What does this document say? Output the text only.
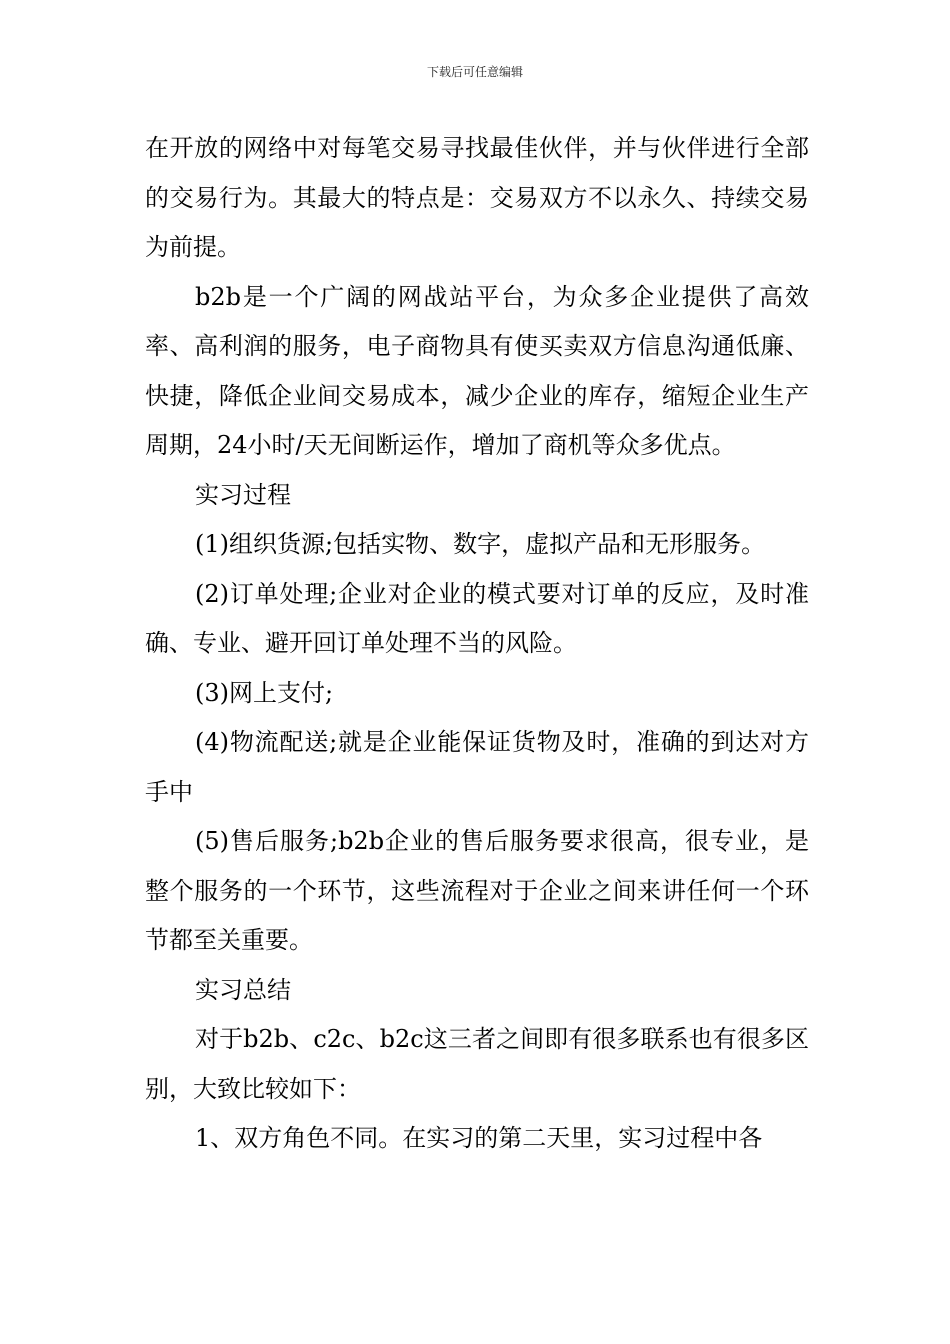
下载后可任意编辑

在开放的网络中对每笔交易寻找最佳伙伴，并与伙伴进行全部的交易行为。其最大的特点是：交易双方不以永久、持续交易为前提。

b2b是一个广阔的网战站平台，为众多企业提供了高效率、高利润的服务，电子商物具有使买卖双方信息沟通低廉、快捷，降低企业间交易成本，减少企业的库存，缩短企业生产周期，24小时/天无间断运作，增加了商机等众多优点。

实习过程

(1)组织货源;包括实物、数字，虚拟产品和无形服务。

(2)订单处理;企业对企业的模式要对订单的反应，及时准确、专业、避开回订单处理不当的风险。

(3)网上支付;

(4)物流配送;就是企业能保证货物及时，准确的到达对方手中

(5)售后服务;b2b企业的售后服务要求很高，很专业，是整个服务的一个环节，这些流程对于企业之间来讲任何一个环节都至关重要。

实习总结

对于b2b、c2c、b2c这三者之间即有很多联系也有很多区别，大致比较如下：

1、双方角色不同。在实习的第二天里，实习过程中各
